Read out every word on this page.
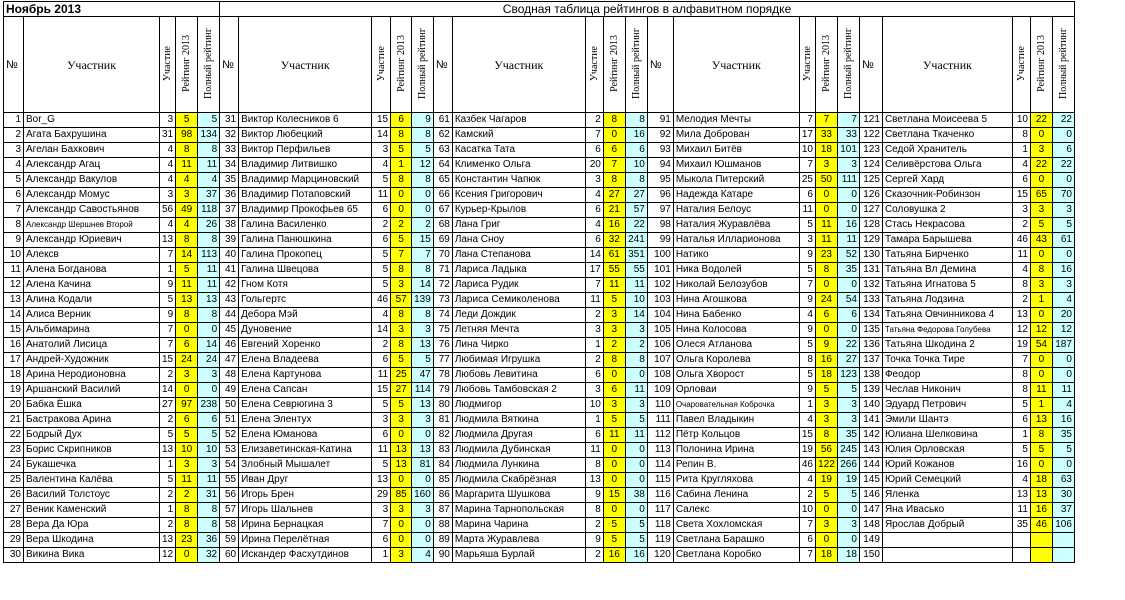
Ноябрь 2013					Сводная таблица рейтингов в алфавитном порядке																			
№	Участник	Участие	Рейтинг 2013	Полный рейтинг	№	Участник	Участие	Рейтинг 2013	Полный рейтинг	№	Участник	Участие	Рейтинг 2013	Полный рейтинг	№	Участник	Участие	Рейтинг 2013	Полный рейтинг	№	Участник	Участие	Рейтинг 2013	Полный рейтинг
1	Bor_G	3	5	5	31	Виктор Колесников 6	15	6	9	61	Казбек Чагаров	2	8	8	91	Мелодия Мечты	7	7	7	121	Светлана Моисеева 5	10	22	22
2	Агата Бахрушина	31	98	134	32	Виктор Любецкий	14	8	8	62	Камский	7	0	16	92	Мила Доброван	17	33	33	122	Светлана Ткаченко	8	0	0
3	Агелан Бахкович	4	8	8	33	Виктор Перфильев	3	5	5	63	Касатка Тата	6	6	6	93	Михаил Битёв	10	18	101	123	Седой Хранитель	1	3	6
4	Александр Агац	4	11	11	34	Владимир Литвишко	4	1	12	64	Клименко Ольга	20	7	10	94	Михаил Юшманов	7	3	3	124	Селивёрстова Ольга	4	22	22
5	Александр Вакулов	4	4	4	35	Владимир Марциновский	5	8	8	65	Константин Чапюк	3	8	8	95	Мыкола Питерский	25	50	111	125	Сергей Хард	6	0	0
6	Александр Момус	3	3	37	36	Владимир Потаповский	11	0	0	66	Ксения Григорович	4	27	27	96	Надежда Катаре	6	0	0	126	Сказочник-Робинзон	15	65	70
7	Александр Савостьянов	56	49	118	37	Владимир Прокофьев 65	6	0	0	67	Курьер-Крылов	6	21	57	97	Наталия Белоус	11	0	0	127	Соловушка 2	3	3	3
8	Александр Шершнев Второй	4	4	26	38	Галина Василенко	2	2	2	68	Лана Григ	4	16	22	98	Наталия Журавлёва	5	11	16	128	Стась Некрасова	2	5	5
9	Александр Юриевич	13	8	8	39	Галина Панюшкина	6	5	15	69	Лана Сноу	6	32	241	99	Наталья Илларионова	3	11	11	129	Тамара Барышева	46	43	61
10	Алексв	7	14	113	40	Галина Прокопец	5	7	7	70	Лана Степанова	14	61	351	100	Натико	9	23	52	130	Татьяна Бирченко	11	0	0
11	Алена Богданова	1	5	11	41	Галина Швецова	5	8	8	71	Лариса Ладыка	17	55	55	101	Ника Водолей	5	8	35	131	Татьяна Вл Демина	4	8	16
12	Алена Качина	9	11	11	42	Гном Котя	5	3	14	72	Лариса Рудик	7	11	11	102	Николай Белозубов	7	0	0	132	Татьяна Игнатова 5	8	3	3
13	Алина Кодали	5	13	13	43	Гольгертс	46	57	139	73	Лариса Семиколенова	11	5	10	103	Нина Агошкова	9	24	54	133	Татьяна Лодзина	2	1	4
14	Алиса Верник	9	8	8	44	Дебора Мэй	4	8	8	74	Леди Дождик	2	3	14	104	Нина Бабенко	4	6	6	134	Татьяна Овчинникова 4	13	0	20
15	Альбимарина	7	0	0	45	Дуновение	14	3	3	75	Летняя Мечта	3	3	3	105	Нина Колосова	9	0	0	135	Татьяна Федорова Голубева	12	12	12
16	Анатолий Лисица	7	6	14	46	Евгений Хоренко	2	8	13	76	Лина Чирко	1	2	2	106	Олеся Атланова	5	9	22	136	Татьяна Шкодина 2	19	54	187
17	Андрей-Художник	15	24	24	47	Елена Владеева	6	5	5	77	Любимая Игрушка	2	8	8	107	Ольга Королева	8	16	27	137	Точка Точка Тире	7	0	0
18	Арина Неродионовна	2	3	3	48	Елена Картунова	11	25	47	78	Любовь Левитина	6	0	0	108	Ольга Хворост	5	18	123	138	Феодор	8	0	0
19	Аршанский Василий	14	0	0	49	Елена Сапсан	15	27	114	79	Любовь Тамбовская 2	3	6	11	109	Орловаи	9	5	5	139	Чеслав Никонич	8	11	11
20	Бабка Ёшка	27	97	238	50	Елена Севрюгина 3	5	5	13	80	Людмигор	10	3	3	110	Очаровательная Коброчка	1	3	3	140	Эдуард Петрович	5	1	4
21	Бастракова Арина	2	6	6	51	Елена Элентух	3	3	3	81	Людмила Вяткина	1	5	5	111	Павел Владыкин	4	3	3	141	Эмили Шантэ	6	13	16
22	Бодрый Дух	5	5	5	52	Елена Юманова	6	0	0	82	Людмила Другая	6	11	11	112	Пётр Кольцов	15	8	35	142	Юлиана Шелковина	1	8	35
23	Борис Скрипников	13	10	10	53	Елизаветинская-Катина	11	13	13	83	Людмила Дубинская	11	0	0	113	Полонина Ирина	19	56	245	143	Юлия Орловская	5	5	5
24	Букашечка	1	3	3	54	Злобный Мышалет	5	13	81	84	Людмила Лункина	8	0	0	114	Репин В.	46	122	266	144	Юрий Кожанов	16	0	0
25	Валентина Калёва	5	11	11	55	Иван Друг	13	0	0	85	Людмила Скабрёзная	13	0	0	115	Рита Кругляхова	4	19	19	145	Юрий Семецкий	4	18	63
26	Василий Толстоус	2	2	31	56	Игорь Брен	29	85	160	86	Маргарита Шушкова	9	15	38	116	Сабина Ленина	2	5	5	146	Яленка	13	13	30
27	Веник Каменский	1	8	8	57	Игорь Шальнев	3	3	3	87	Марина Тарнопольская	8	0	0	117	Салекс	10	0	0	147	Яна Ивасько	11	16	37
28	Вера Да Юра	2	8	8	58	Ирина Бернацкая	7	0	0	88	Марина Чарина	2	5	5	118	Света Хохломская	7	3	3	148	Ярослав Добрый	35	46	106
29	Вера Шкодина	13	23	36	59	Ирина Перелётная	6	0	0	89	Марта Журавлева	9	5	5	119	Светлана Барашко	6	0	0	149				
30	Викина Вика	12	0	32	60	Искандер Фасхутдинов	1	3	4	90	Марьяша Бурлай	2	16	16	120	Светлана Коробко	7	18	18	150				
